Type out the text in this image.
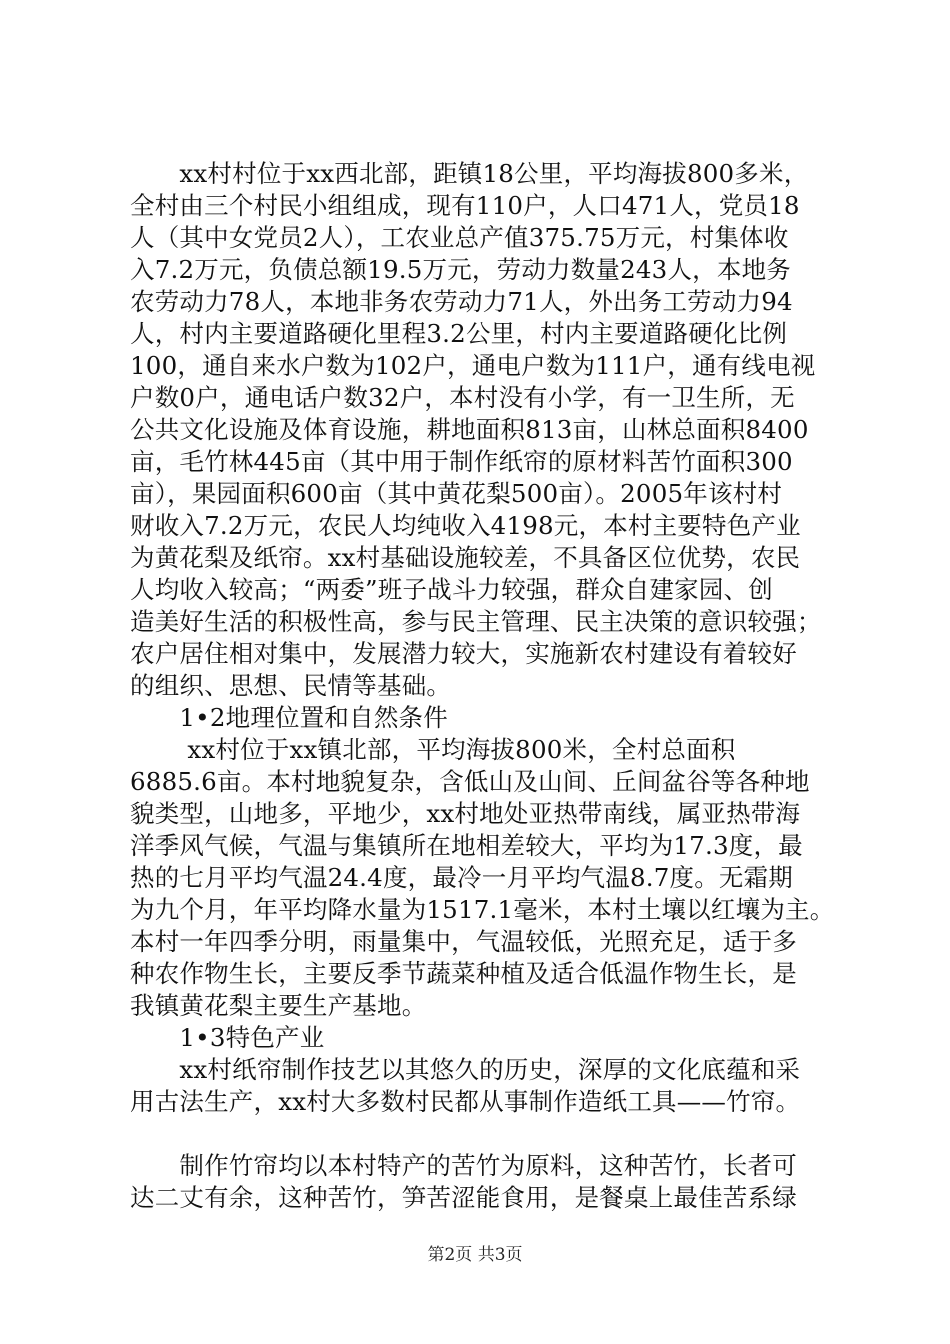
　　xx村村位于xx西北部，距镇18公里，平均海拔800多米，
全村由三个村民小组组成，现有110户，人口471人，党员18
人（其中女党员2人），工农业总产值375.75万元，村集体收
入7.2万元，负债总额19.5万元，劳动力数量243人，本地务
农劳动力78人，本地非务农劳动力71人，外出务工劳动力94
人，村内主要道路硬化里程3.2公里，村内主要道路硬化比例
100，通自来水户数为102户，通电户数为111户，通有线电视
户数0户，通电话户数32户，本村没有小学，有一卫生所，无
公共文化设施及体育设施，耕地面积813亩，山林总面积8400
亩，毛竹林445亩（其中用于制作纸帘的原材料苦竹面积300
亩），果园面积600亩（其中黄花梨500亩）。2005年该村村
财收入7.2万元，农民人均纯收入4198元，本村主要特色产业
为黄花梨及纸帘。xx村基础设施较差，不具备区位优势，农民
人均收入较高；“两委”班子战斗力较强，群众自建家园、创
造美好生活的积极性高，参与民主管理、民主决策的意识较强；
农户居住相对集中，发展潜力较大，实施新农村建设有着较好
的组织、思想、民情等基础。
　　1•2地理位置和自然条件
　　 xx村位于xx镇北部，平均海拔800米，全村总面积
6885.6亩。本村地貌复杂，含低山及山间、丘间盆谷等各种地
貌类型，山地多，平地少，xx村地处亚热带南线，属亚热带海
洋季风气候，气温与集镇所在地相差较大，平均为17.3度，最
热的七月平均气温24.4度，最冷一月平均气温8.7度。无霜期
为九个月，年平均降水量为1517.1毫米，本村土壤以红壤为主。
本村一年四季分明，雨量集中，气温较低，光照充足，适于多
种农作物生长，主要反季节蔬菜种植及适合低温作物生长，是
我镇黄花梨主要生产基地。
　　1•3特色产业
　　xx村纸帘制作技艺以其悠久的历史，深厚的文化底蕴和采
用古法生产，xx村大多数村民都从事制作造纸工具——竹帘。
　　制作竹帘均以本村特产的苦竹为原料，这种苦竹，长者可
达二丈有余，这种苦竹，笋苦涩能食用，是餐桌上最佳苦系绿
第2页 共3页
